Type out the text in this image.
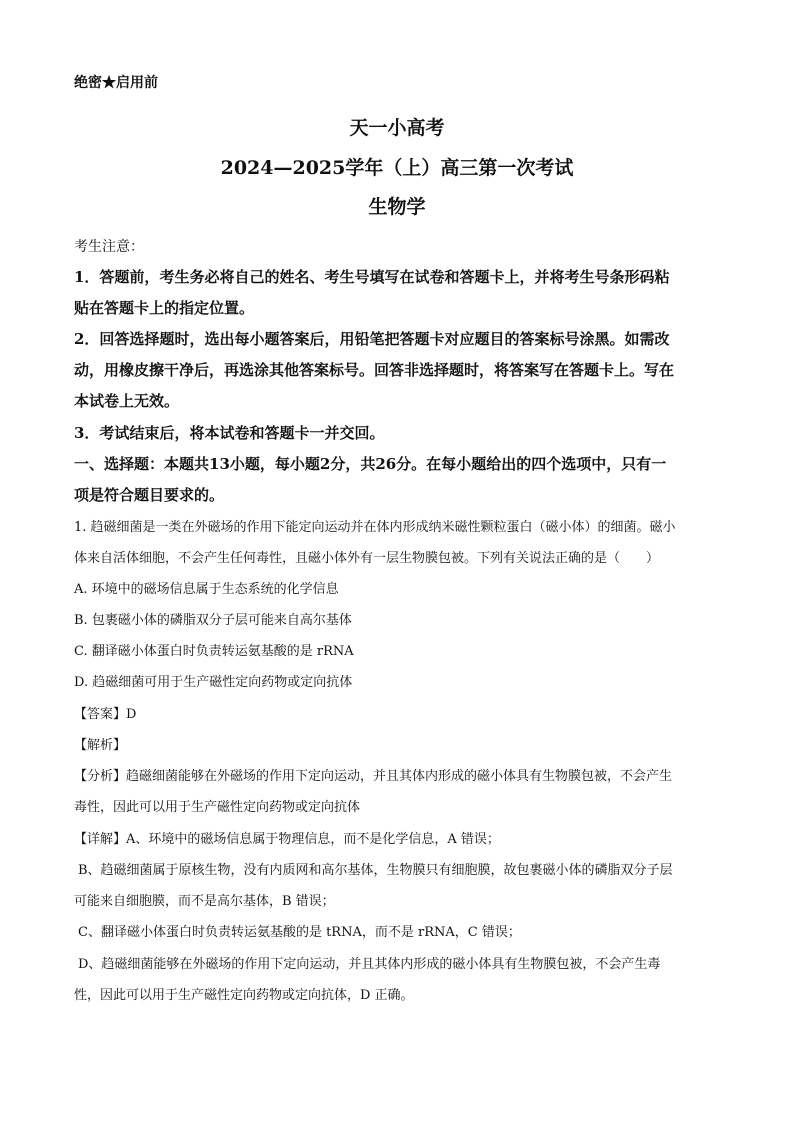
绝密★启用前
天一小高考
2024—2025学年（上）高三第一次考试
生物学
考生注意：
1．答题前，考生务必将自己的姓名、考生号填写在试卷和答题卡上，并将考生号条形码粘
贴在答题卡上的指定位置。
2．回答选择题时，选出每小题答案后，用铅笔把答题卡对应题目的答案标号涂黑。如需改
动，用橡皮擦干净后，再选涂其他答案标号。回答非选择题时，将答案写在答题卡上。写在
本试卷上无效。
3．考试结束后，将本试卷和答题卡一并交回。
一、选择题：本题共13小题，每小题2分，共26分。在每小题给出的四个选项中，只有一
项是符合题目要求的。
1. 趋磁细菌是一类在外磁场的作用下能定向运动并在体内形成纳米磁性颗粒蛋白（磁小体）的细菌。磁小
体来自活体细胞，不会产生任何毒性，且磁小体外有一层生物膜包被。下列有关说法正确的是（　　）
A. 环境中的磁场信息属于生态系统的化学信息
B. 包裹磁小体的磷脂双分子层可能来自高尔基体
C. 翻译磁小体蛋白时负责转运氨基酸的是 rRNA
D. 趋磁细菌可用于生产磁性定向药物或定向抗体
【答案】D
【解析】
【分析】趋磁细菌能够在外磁场的作用下定向运动，并且其体内形成的磁小体具有生物膜包被，不会产生
毒性，因此可以用于生产磁性定向药物或定向抗体
【详解】A、环境中的磁场信息属于物理信息，而不是化学信息，A 错误；
B、趋磁细菌属于原核生物，没有内质网和高尔基体，生物膜只有细胞膜，故包裹磁小体的磷脂双分子层
可能来自细胞膜，而不是高尔基体，B 错误；
C、翻译磁小体蛋白时负责转运氨基酸的是 tRNA，而不是 rRNA，C 错误；
D、趋磁细菌能够在外磁场的作用下定向运动，并且其体内形成的磁小体具有生物膜包被，不会产生毒
性，因此可以用于生产磁性定向药物或定向抗体，D 正确。
